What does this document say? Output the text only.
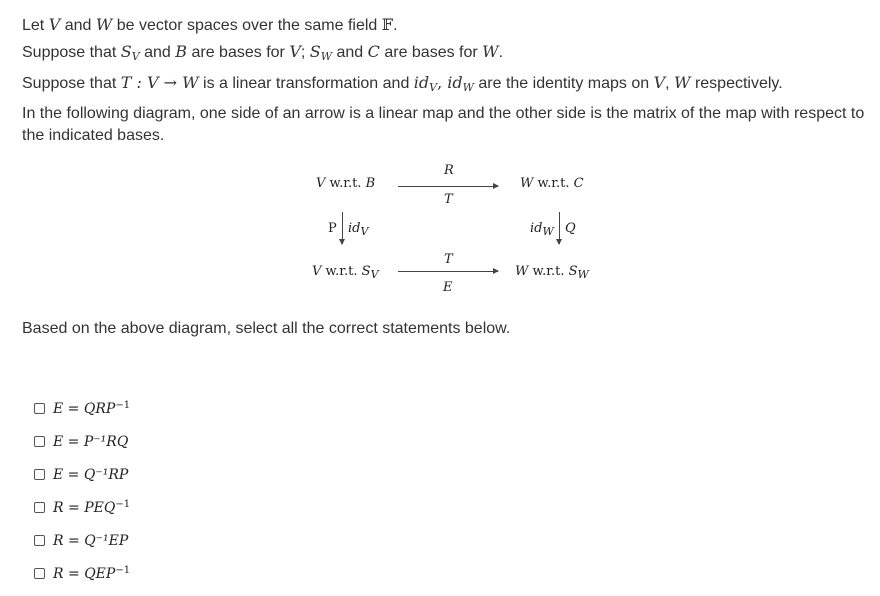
Let V and W be vector spaces over the same field 𝔽.

Suppose that $S_V$ and B are bases for V; $S_W$ and C are bases for W.

Suppose that T : V → W is a linear transformation and $id_V$, $id_W$ are the identity maps on V, W respectively.

In the following diagram, one side of an arrow is a linear map and the other side is the matrix of the map with respect to the indicated bases.

V w.r.t. B	W w.r.t. C
R
T
P $id_V$	$id_W$ Q
V w.r.t. $S_V$	W w.r.t. $S_W$
T
E
Based on the above diagram, select all the correct statements below.
$E = QRP^{-1}$
E = P⁻¹RQ
E = Q⁻¹RP
$R = PEQ^{-1}$
R = Q⁻¹EP
$R = QEP^{-1}$
